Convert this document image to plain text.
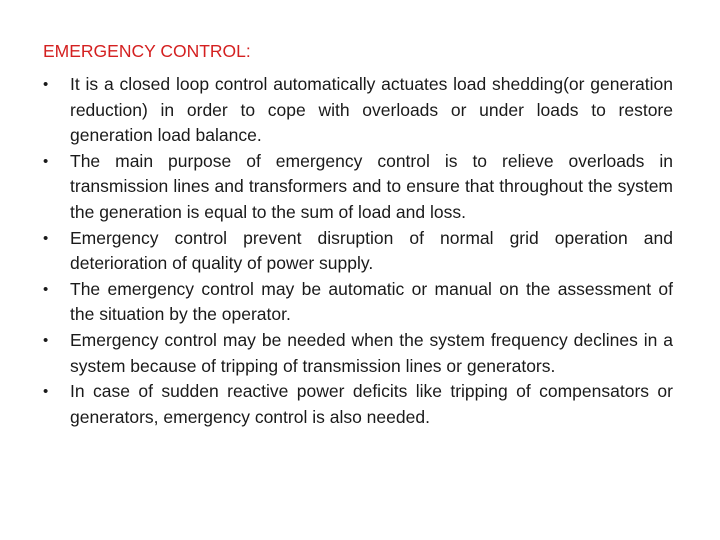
EMERGENCY CONTROL:
•	It is a closed loop control automatically actuates load shedding(or generation reduction) in order to cope with overloads or under loads to restore generation load balance.
•	The main purpose of emergency control is to relieve overloads in transmission lines and transformers and to ensure that throughout the system the generation is equal to the sum of load and loss.
•	Emergency control prevent disruption of normal grid operation and deterioration of quality of power supply.
•	The emergency control may be automatic or manual on the assessment of the situation by the operator.
•	Emergency control may be needed when the system frequency declines in a system because of tripping of transmission lines or generators.
•	In case of sudden reactive power deficits like tripping of compensators or generators, emergency control is also needed.
